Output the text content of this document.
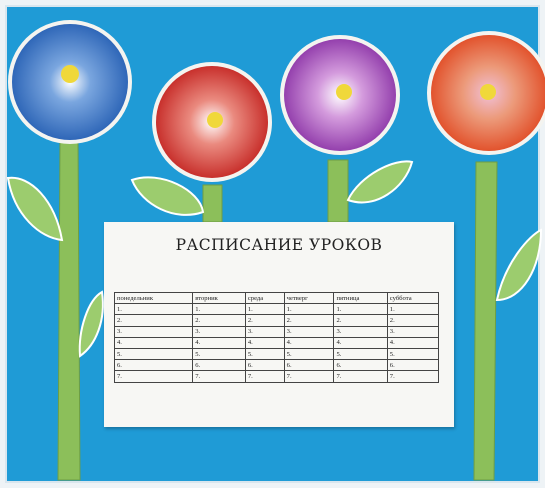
РАСПИСАНИЕ УРОКОВ
понедельник	вторник	среда	четверг	пятница	суббота
1.	1.	1.	1.	1.	1.
2.	2.	2.	2.	2.	2.
3.	3.	3.	3.	3.	3.
4.	4.	4.	4.	4.	4.
5.	5.	5.	5.	5.	5.
6.	6.	6.	6.	6.	6.
7.	7.	7.	7.	7.	7.
